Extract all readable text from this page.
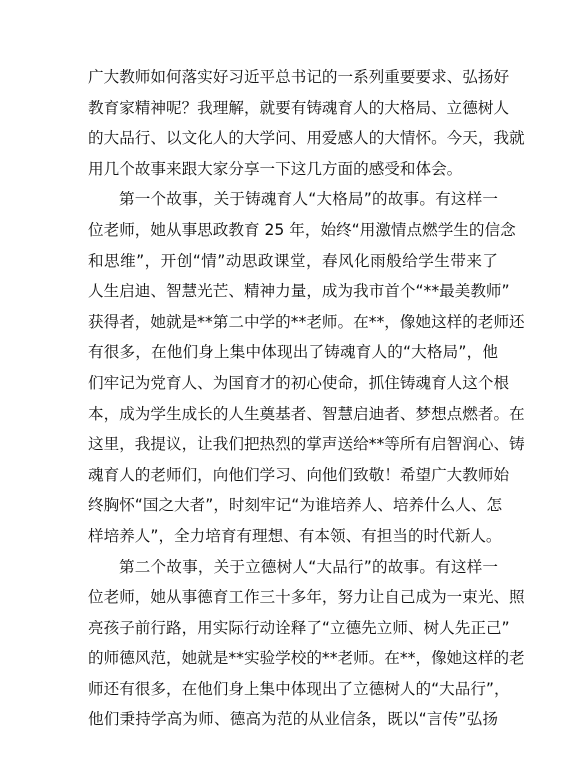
广大教师如何落实好习近平总书记的一系列重要要求、弘扬好
教育家精神呢？我理解，就要有铸魂育人的大格局、立德树人
的大品行、以文化人的大学问、用爱感人的大情怀。今天，我就
用几个故事来跟大家分享一下这几方面的感受和体会。
第一个故事，关于铸魂育人“大格局”的故事。有这样一
位老师，她从事思政教育 25 年，始终“用激情点燃学生的信念
和思维”，开创“情”动思政课堂，春风化雨般给学生带来了
人生启迪、智慧光芒、精神力量，成为我市首个“**最美教师”
获得者，她就是**第二中学的**老师。在**，像她这样的老师还
有很多，在他们身上集中体现出了铸魂育人的“大格局”，他
们牢记为党育人、为国育才的初心使命，抓住铸魂育人这个根
本，成为学生成长的人生奠基者、智慧启迪者、梦想点燃者。在
这里，我提议，让我们把热烈的掌声送给**等所有启智润心、铸
魂育人的老师们，向他们学习、向他们致敬！希望广大教师始
终胸怀“国之大者”，时刻牢记“为谁培养人、培养什么人、怎
样培养人”，全力培育有理想、有本领、有担当的时代新人。
第二个故事，关于立德树人“大品行”的故事。有这样一
位老师，她从事德育工作三十多年，努力让自己成为一束光、照
亮孩子前行路，用实际行动诠释了“立德先立师、树人先正己”
的师德风范，她就是**实验学校的**老师。在**，像她这样的老
师还有很多，在他们身上集中体现出了立德树人的“大品行”，
他们秉持学高为师、德高为范的从业信条，既以“言传”弘扬
